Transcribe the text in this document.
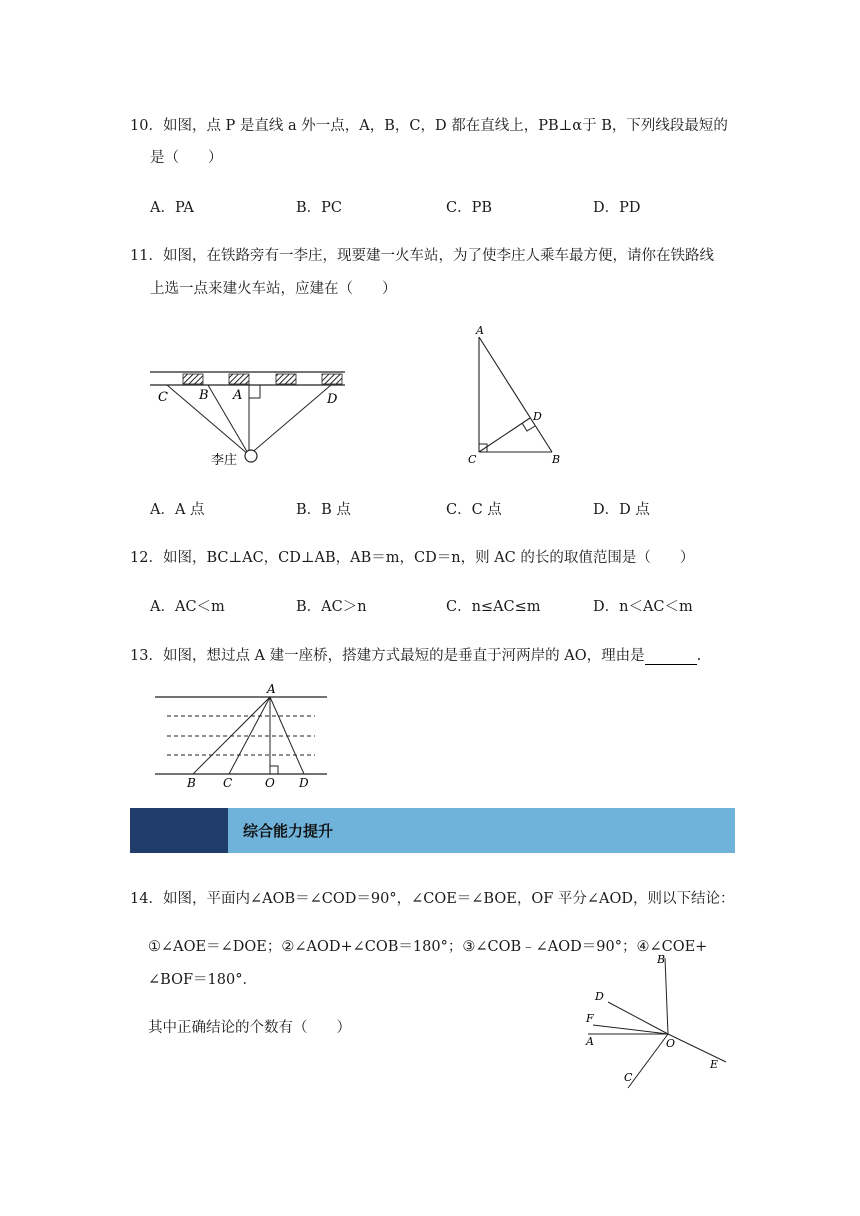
10．如图，点 P 是直线 a 外一点，A，B，C，D 都在直线上，PB⊥α于 B，下列线段最短的
是（　　）
A．PA	B．PC	C．PB	D．PD
11．如图，在铁路旁有一李庄，现要建一火车站，为了使李庄人乘车最方便，请你在铁路线
上选一点来建火车站，应建在（　　）
C B A	D
李庄
A
D
C	B
A．A 点	B．B 点	C．C 点	D．D 点
12．如图，BC⊥AC，CD⊥AB，AB＝m，CD＝n，则 AC 的长的取值范围是（　　）
A．AC＜m	B．AC＞n	C．n≤AC≤m	D．n＜AC＜m
13．如图，想过点 A 建一座桥，搭建方式最短的是垂直于河两岸的 AO，理由是	.
A
B C	O D
综合能力提升
14．如图，平面内∠AOB＝∠COD＝90°，∠COE＝∠BOE，OF 平分∠AOD，则以下结论：
①∠AOE＝∠DOE；②∠AOD+∠COB＝180°；③∠COB﹣∠AOD＝90°；④∠COE+
∠BOF＝180°．
其中正确结论的个数有（　　）
B
D
F
A	O
C
E
